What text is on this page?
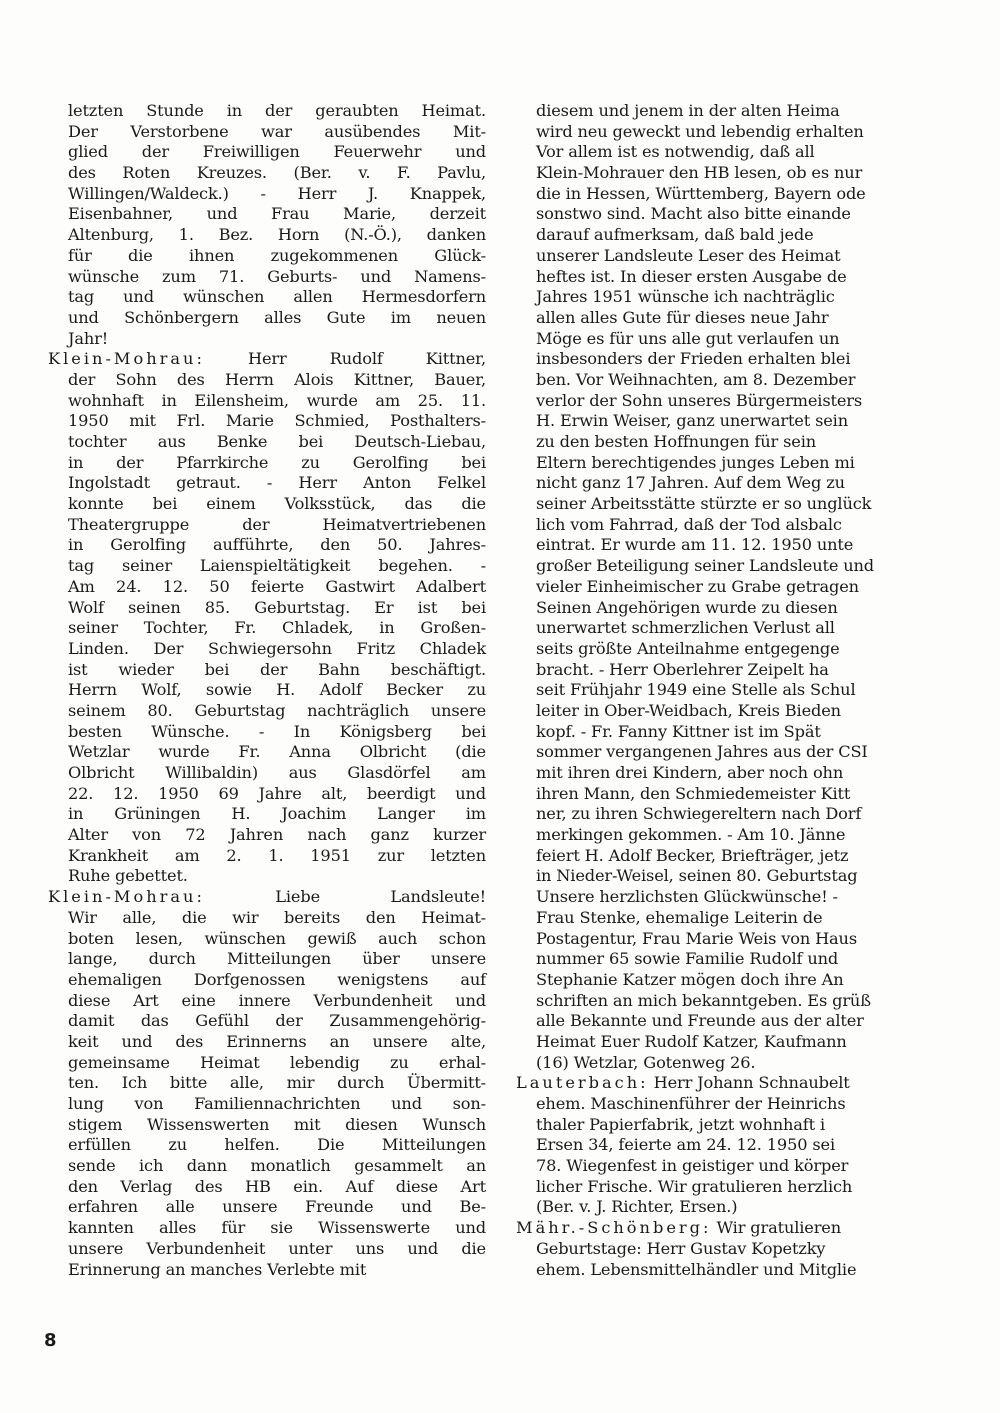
letzten Stunde in der geraubten Heimat.
Der Verstorbene war ausübendes Mit-
glied der Freiwilligen Feuerwehr und
des Roten Kreuzes. (Ber. v. F. Pavlu,
Willingen/Waldeck.) - Herr J. Knappek,
Eisenbahner, und Frau Marie, derzeit
Altenburg, 1. Bez. Horn (N.-Ö.), danken
für die ihnen zugekommenen Glück-
wünsche zum 71. Geburts- und Namens-
tag und wünschen allen Hermesdorfern
und Schönbergern alles Gute im neuen
Jahr!
Klein-Mohrau: Herr Rudolf Kittner,
der Sohn des Herrn Alois Kittner, Bauer,
wohnhaft in Eilensheim, wurde am 25. 11.
1950 mit Frl. Marie Schmied, Posthalters-
tochter aus Benke bei Deutsch-Liebau,
in der Pfarrkirche zu Gerolfing bei
Ingolstadt getraut. - Herr Anton Felkel
konnte bei einem Volksstück, das die
Theatergruppe der Heimatvertriebenen
in Gerolfing aufführte, den 50. Jahres-
tag seiner Laienspieltätigkeit begehen. -
Am 24. 12. 50 feierte Gastwirt Adalbert
Wolf seinen 85. Geburtstag. Er ist bei
seiner Tochter, Fr. Chladek, in Großen-
Linden. Der Schwiegersohn Fritz Chladek
ist wieder bei der Bahn beschäftigt.
Herrn Wolf, sowie H. Adolf Becker zu
seinem 80. Geburtstag nachträglich unsere
besten Wünsche. - In Königsberg bei
Wetzlar wurde Fr. Anna Olbricht (die
Olbricht Willibaldin) aus Glasdörfel am
22. 12. 1950 69 Jahre alt, beerdigt und
in Grüningen H. Joachim Langer im
Alter von 72 Jahren nach ganz kurzer
Krankheit am 2. 1. 1951 zur letzten
Ruhe gebettet.
Klein-Mohrau: Liebe Landsleute!
Wir alle, die wir bereits den Heimat-
boten lesen, wünschen gewiß auch schon
lange, durch Mitteilungen über unsere
ehemaligen Dorfgenossen wenigstens auf
diese Art eine innere Verbundenheit und
damit das Gefühl der Zusammengehörig-
keit und des Erinnerns an unsere alte,
gemeinsame Heimat lebendig zu erhal-
ten. Ich bitte alle, mir durch Übermitt-
lung von Familiennachrichten und son-
stigem Wissenswerten mit diesen Wunsch
erfüllen zu helfen. Die Mitteilungen
sende ich dann monatlich gesammelt an
den Verlag des HB ein. Auf diese Art
erfahren alle unsere Freunde und Be-
kannten alles für sie Wissenswerte und
unsere Verbundenheit unter uns und die
Erinnerung an manches Verlebte mit
diesem und jenem in der alten Heima
wird neu geweckt und lebendig erhalten
Vor allem ist es notwendig, daß all
Klein-Mohrauer den HB lesen, ob es nur
die in Hessen, Württemberg, Bayern ode
sonstwo sind. Macht also bitte einande
darauf aufmerksam, daß bald jede
unserer Landsleute Leser des Heimat
heftes ist. In dieser ersten Ausgabe de
Jahres 1951 wünsche ich nachträglic
allen alles Gute für dieses neue Jahr
Möge es für uns alle gut verlaufen un
insbesonders der Frieden erhalten blei
ben. Vor Weihnachten, am 8. Dezember
verlor der Sohn unseres Bürgermeisters
H. Erwin Weiser, ganz unerwartet sein
zu den besten Hoffnungen für sein
Eltern berechtigendes junges Leben mi
nicht ganz 17 Jahren. Auf dem Weg zu
seiner Arbeitsstätte stürzte er so unglück
lich vom Fahrrad, daß der Tod alsbalc
eintrat. Er wurde am 11. 12. 1950 unte
großer Beteiligung seiner Landsleute und
vieler Einheimischer zu Grabe getragen
Seinen Angehörigen wurde zu diesen
unerwartet schmerzlichen Verlust all
seits größte Anteilnahme entgegenge
bracht. - Herr Oberlehrer Zeipelt ha
seit Frühjahr 1949 eine Stelle als Schul
leiter in Ober-Weidbach, Kreis Bieden
kopf. - Fr. Fanny Kittner ist im Spät
sommer vergangenen Jahres aus der CSI
mit ihren drei Kindern, aber noch ohn
ihren Mann, den Schmiedemeister Kitt
ner, zu ihren Schwiegereltern nach Dorf
merkingen gekommen. - Am 10. Jänne
feiert H. Adolf Becker, Briefträger, jetz
in Nieder-Weisel, seinen 80. Geburtstag
Unsere herzlichsten Glückwünsche! -
Frau Stenke, ehemalige Leiterin de
Postagentur, Frau Marie Weis von Haus
nummer 65 sowie Familie Rudolf und
Stephanie Katzer mögen doch ihre An
schriften an mich bekanntgeben. Es grüß
alle Bekannte und Freunde aus der alter
Heimat Euer Rudolf Katzer, Kaufmann
(16) Wetzlar, Gotenweg 26.
Lauterbach: Herr Johann Schnaubelt
ehem. Maschinenführer der Heinrichs
thaler Papierfabrik, jetzt wohnhaft i
Ersen 34, feierte am 24. 12. 1950 sei
78. Wiegenfest in geistiger und körper
licher Frische. Wir gratulieren herzlich
(Ber. v. J. Richter, Ersen.)
Mähr.-Schönberg: Wir gratulieren
Geburtstage: Herr Gustav Kopetzky
ehem. Lebensmittelhändler und Mitglie
8
